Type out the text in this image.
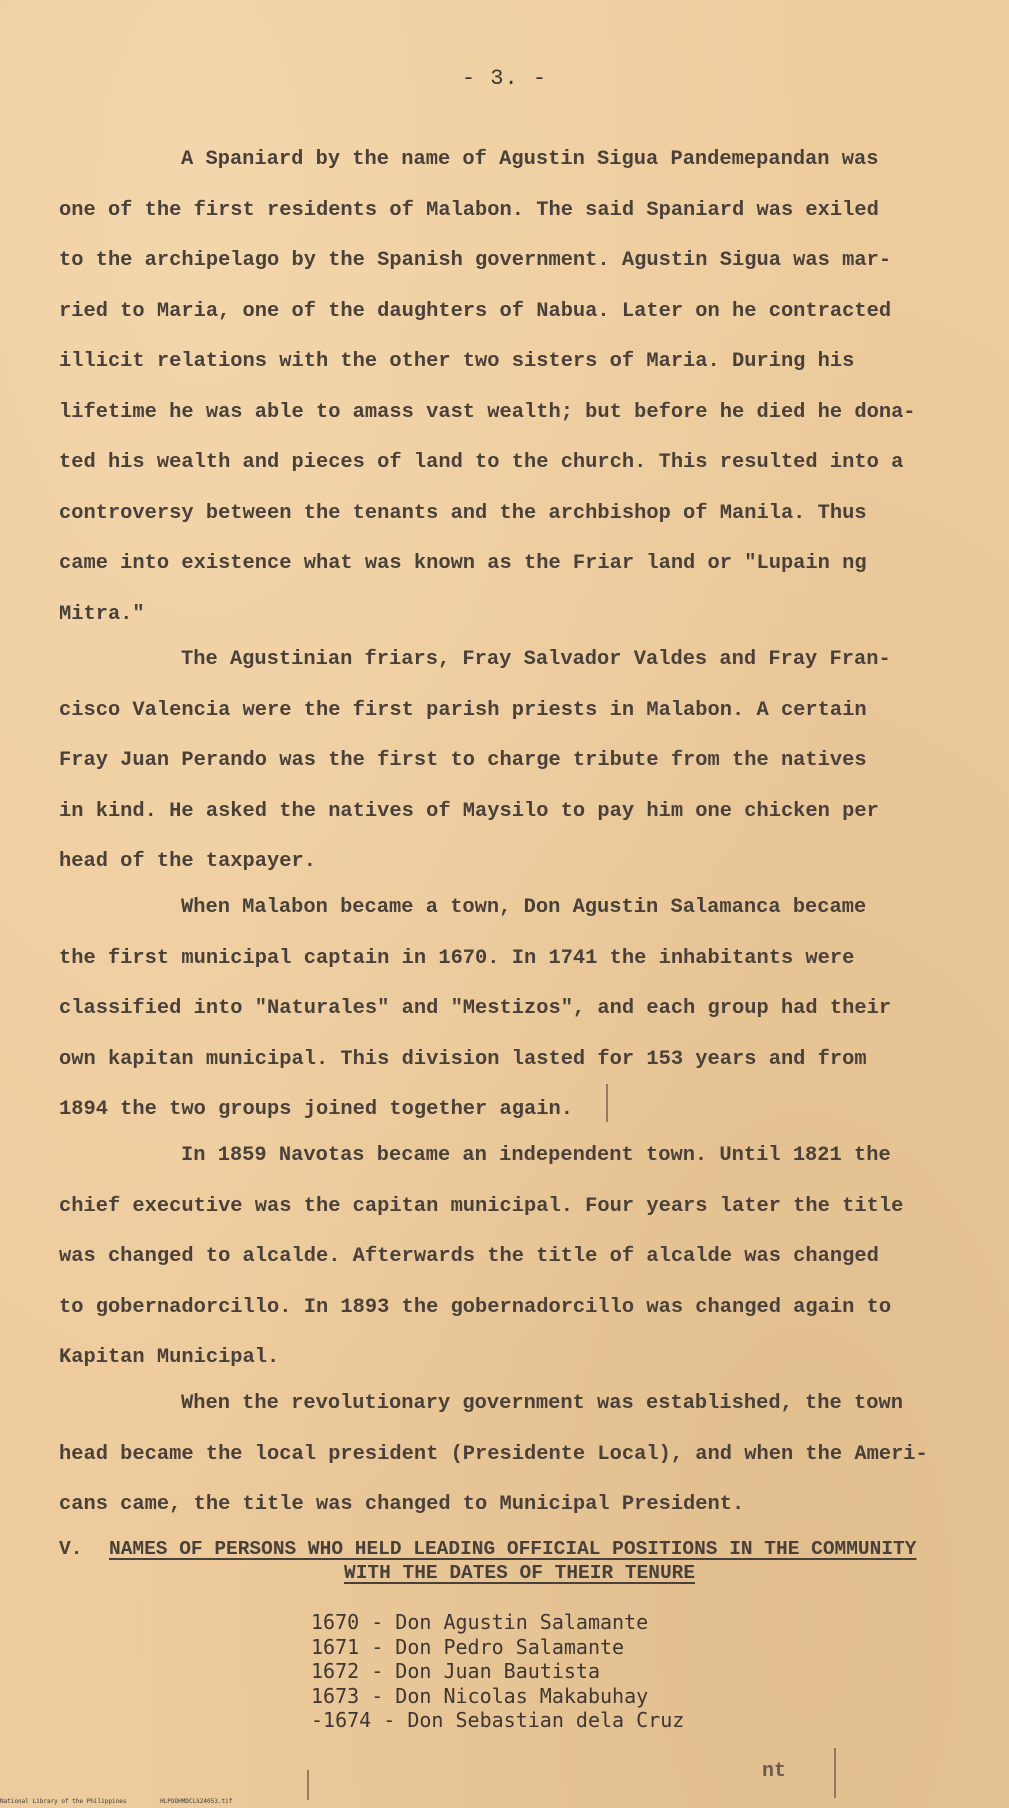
- 3. -

A Spaniard by the name of Agustin Sigua Pandemepandan was
one of the first residents of Malabon. The said Spaniard was exiled
to the archipelago by the Spanish government. Agustin Sigua was mar-
ried to Maria, one of the daughters of Nabua. Later on he contracted
illicit relations with the other two sisters of Maria. During his
lifetime he was able to amass vast wealth; but before he died he dona-
ted his wealth and pieces of land to the church. This resulted into a
controversy between the tenants and the archbishop of Manila. Thus
came into existence what was known as the Friar land or "Lupain ng
Mitra."

The Agustinian friars, Fray Salvador Valdes and Fray Fran-
cisco Valencia were the first parish priests in Malabon. A certain
Fray Juan Perando was the first to charge tribute from the natives
in kind. He asked the natives of Maysilo to pay him one chicken per
head of the taxpayer.

When Malabon became a town, Don Agustin Salamanca became
the first municipal captain in 1670. In 1741 the inhabitants were
classified into "Naturales" and "Mestizos", and each group had their
own kapitan municipal. This division lasted for 153 years and from
1894 the two groups joined together again.

In 1859 Navotas became an independent town. Until 1821 the
chief executive was the capitan municipal. Four years later the title
was changed to alcalde. Afterwards the title of alcalde was changed
to gobernadorcillo. In 1893 the gobernadorcillo was changed again to
Kapitan Municipal.

When the revolutionary government was established, the town
head became the local president (Presidente Local), and when the Ameri-
cans came, the title was changed to Municipal President.

V. NAMES OF PERSONS WHO HELD LEADING OFFICIAL POSITIONS IN THE COMMUNITY
WITH THE DATES OF THEIR TENURE
1670 - Don Agustin Salamante
1671 - Don Pedro Salamante
1672 - Don Juan Bautista
1673 - Don Nicolas Makabuhay
-1674 - Don Sebastian dela Cruz
nt
National Library of the Philippines	HLPOOHMDCLS24053.tif
